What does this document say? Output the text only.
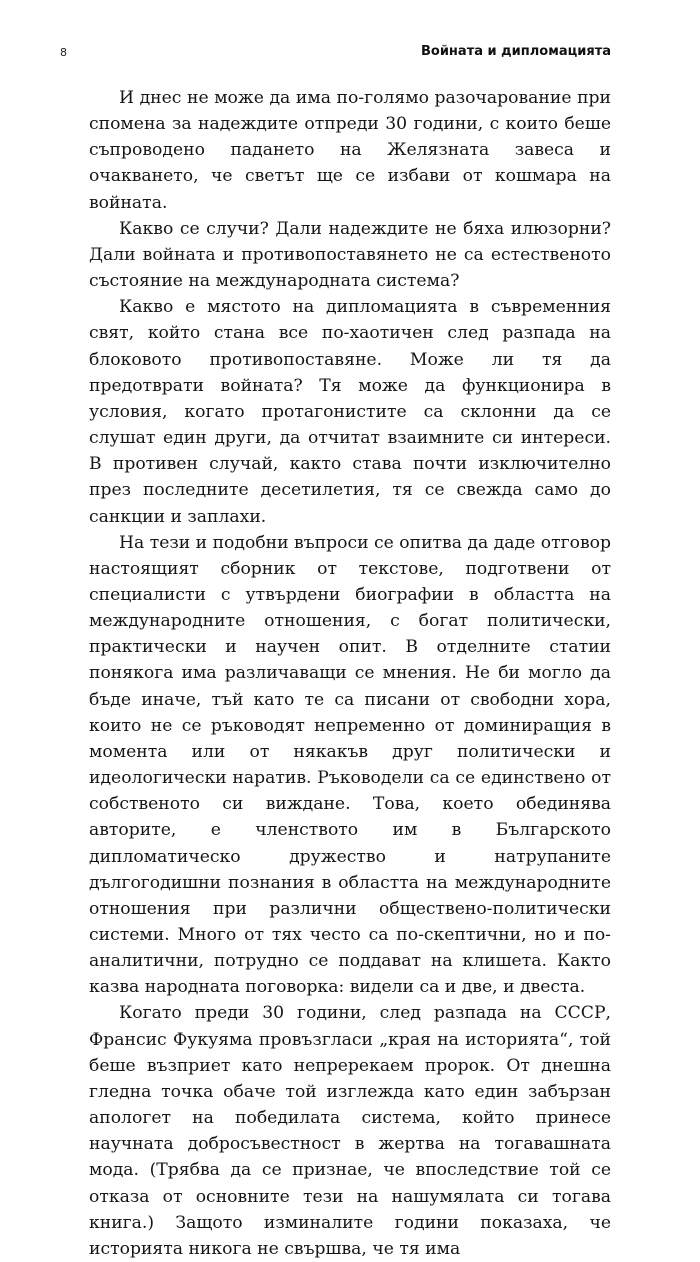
8	Войната и дипломацията

И днес не може да има по-голямо разочарование при спомена за надеждите отпреди 30 години, с които беше съпроводено падането на Желязната завеса и очакването, че светът ще се избави от кошмара на войната.

Какво се случи? Дали надеждите не бяха илюзорни? Дали войната и противопоставянето не са естественото състояние на международната система?

Какво е мястото на дипломацията в съвременния свят, който стана все по-хаотичен след разпада на блоковото противопоставяне. Може ли тя да предотврати войната? Тя може да функционира в условия, когато протагонистите са склонни да се слушат един други, да отчитат взаимните си интереси. В противен случай, както става почти изключително през последните десетилетия, тя се свежда само до санкции и заплахи.

На тези и подобни въпроси се опитва да даде отговор настоящият сборник от текстове, подготвени от специалисти с утвърдени биографии в областта на международните отношения, с богат политически, практически и научен опит. В отделните статии понякога има различаващи се мнения. Не би могло да бъде иначе, тъй като те са писани от свободни хора, които не се ръководят непременно от доминиращия в момента или от някакъв друг политически и идеологически наратив. Ръководели са се единствено от собственото си виждане. Това, което обединява авторите, е членството им в Българското дипломатическо дружество и натрупаните дългогодишни познания в областта на международните отношения при различни обществено-политически системи. Много от тях често са по-скептични, но и по-аналитични, потрудно се поддават на клишета. Както казва народната поговорка: видели са и две, и двеста.

Когато преди 30 години, след разпада на СССР, Франсис Фукуяма провъзгласи „края на историята“, той беше възприет като непререкаем пророк. От днешна гледна точка обаче той изглежда като един забързан апологет на победилата система, който принесе научната добросъвестност в жертва на тогавашната мода. (Трябва да се признае, че впоследствие той се отказа от основните тези на нашумялата си тогава книга.) Защото изминалите години показаха, че историята никога не свършва, че тя има
